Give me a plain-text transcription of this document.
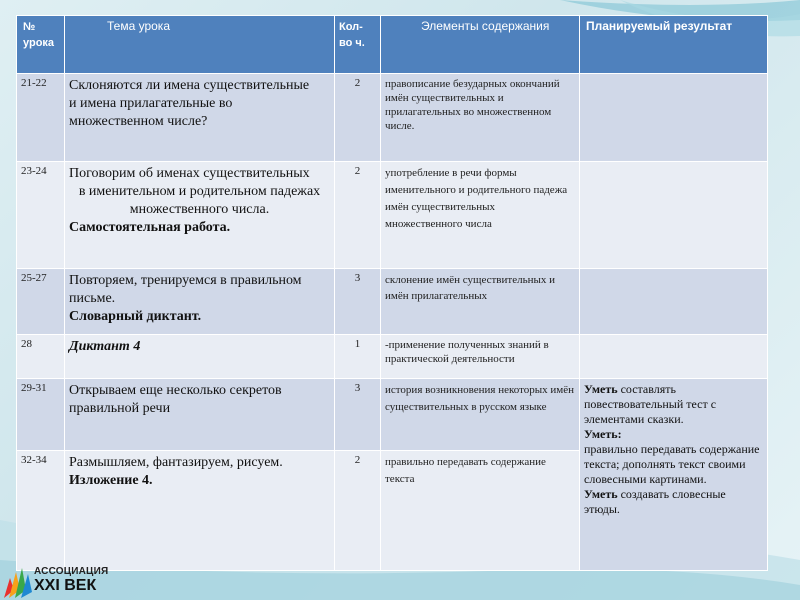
№ урока	Тема урока	Кол-во ч.	Элементы содержания	Планируемый результат
21-22	Склоняются ли имена существительные
и имена прилагательные во множественном числе?	2	правописание безударных окончаний имён существительных и прилагательных во множественном числе.	
23-24	Поговорим об именах существительных
в именительном и родительном падежах множественного числа.
Самостоятельная работа.	2	употребление в речи формы именительного и родительного падежа имён существительных множественного числа	
25-27	Повторяем, тренируемся в правильном письме.
Словарный диктант.	3	склонение имён существительных и имён прилагательных	
28	Диктант 4	1	-применение полученных знаний в практической деятельности	
29-31	Открываем еще несколько секретов правильной речи	3	история возникновения некоторых имён существительных в русском языке	Уметь составлять повествовательный тест с элементами сказки.
Уметь:
правильно передавать содержание текста; дополнять текст своими словесными картинами.
Уметь создавать словесные этюды.

32-34	Размышляем, фантазируем, рисуем.
Изложение 4.	2	правильно передавать содержание текста	
АССОЦИАЦИЯ
XXI ВЕК
